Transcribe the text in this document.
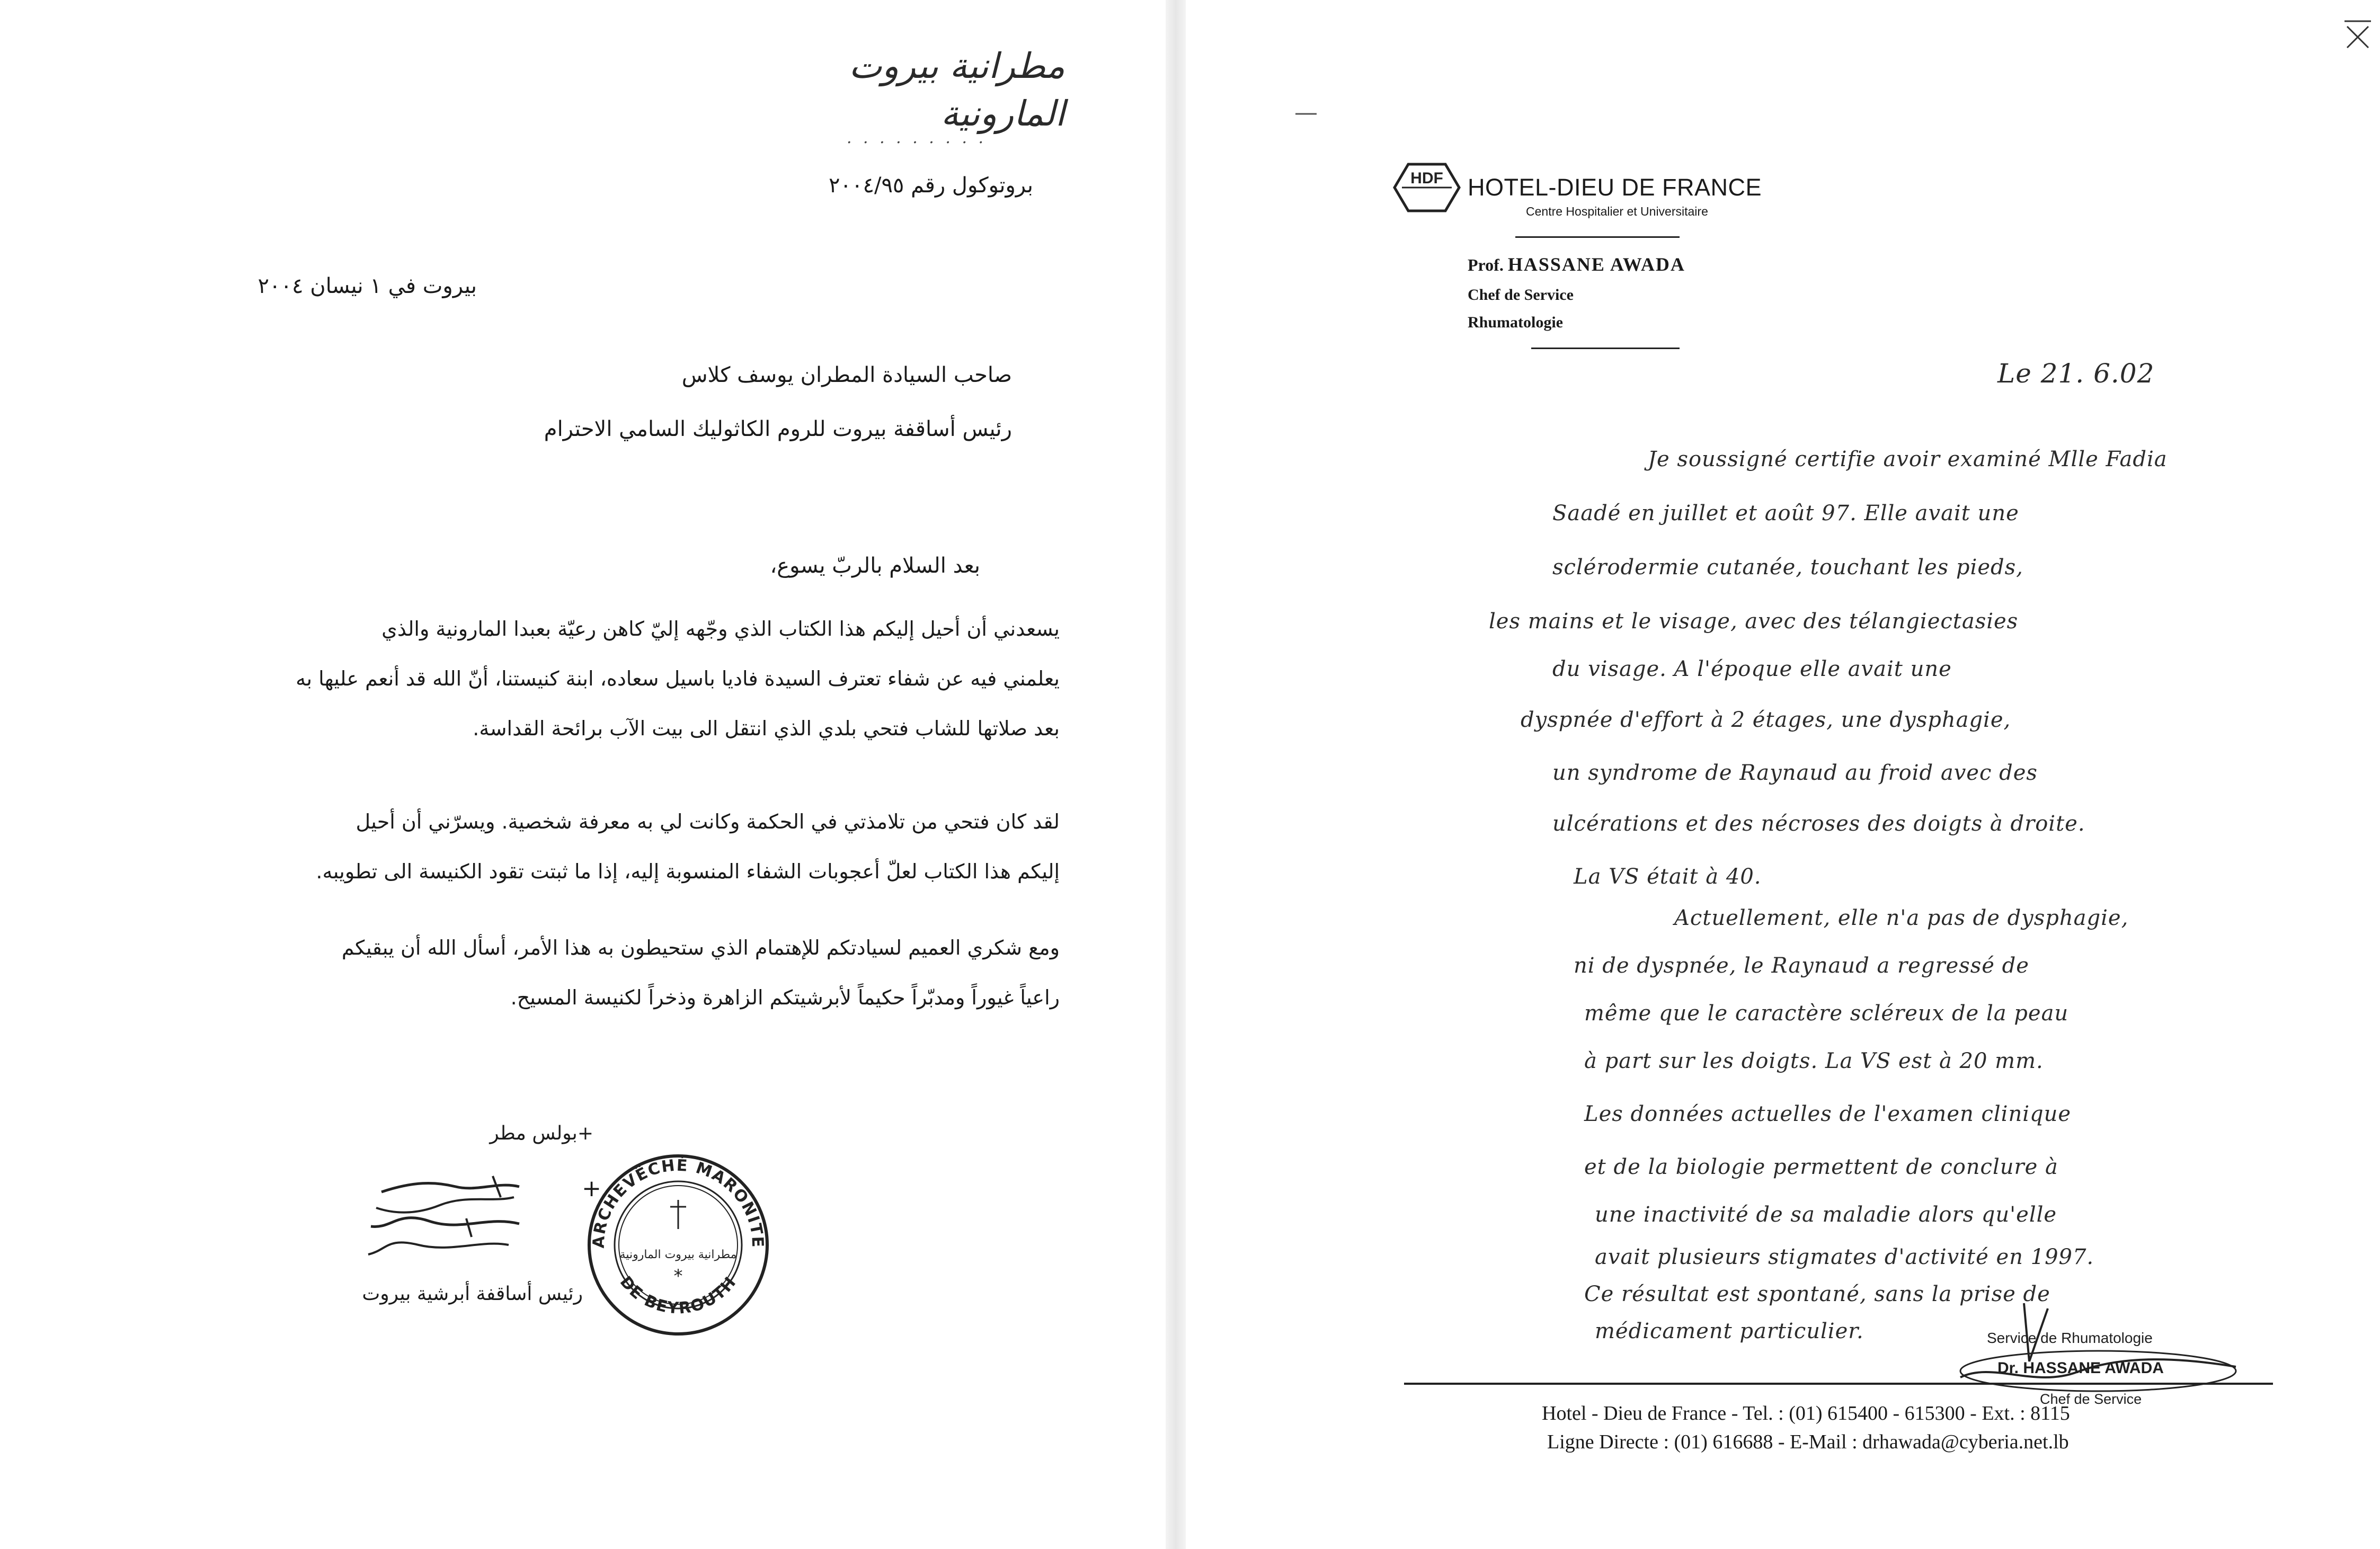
مطرانية بيروت المارونية
· · · · · · · · ·
بروتوكول رقم ٢٠٠٤/٩٥
بيروت في ١ نيسان ٢٠٠٤
صاحب السيادة المطران يوسف كلاس
رئيس أساقفة بيروت للروم الكاثوليك السامي الاحترام
بعد السلام بالربّ يسوع،

يسعدني أن أحيل إليكم هذا الكتاب الذي وجّهه إليّ كاهن رعيّة بعبدا المارونية والذي

يعلمني فيه عن شفاء تعترف السيدة فاديا باسيل سعاده، ابنة كنيستنا، أنّ الله قد أنعم عليها به

بعد صلاتها للشاب فتحي بلدي الذي انتقل الى بيت الآب برائحة القداسة.

لقد كان فتحي من تلامذتي في الحكمة وكانت لي به معرفة شخصية. ويسرّني أن أحيل

إليكم هذا الكتاب لعلّ أعجوبات الشفاء المنسوبة إليه، إذا ما ثبتت تقود الكنيسة الى تطويبه.

ومع شكري العميم لسيادتكم للإهتمام الذي ستحيطون به هذا الأمر، أسأل الله أن يبقيكم

راعياً غيوراً ومدبّراً حكيماً لأبرشيتكم الزاهرة وذخراً لكنيسة المسيح.

+بولس مطر
+
ARCHEVÊCHÉ MARONITE
DE BEYROUTH
مطرانية بيروت المارونية
*
رئيس أساقفة أبرشية بيروت
HDF HOTEL-DIEU DE FRANCE
Centre Hospitalier et Universitaire
Prof. HASSANE AWADA
Chef de Service
Rhumatologie
Le 21. 6.02
Je soussigné certifie avoir examiné Mlle Fadia
Saadé en juillet et août 97. Elle avait une
sclérodermie cutanée, touchant les pieds,
les mains et le visage, avec des télangiectasies
du visage. A l'époque elle avait une
dyspnée d'effort à 2 étages, une dysphagie,
un syndrome de Raynaud au froid avec des
ulcérations et des nécroses des doigts à droite.
La VS était à 40.
Actuellement, elle n'a pas de dysphagie,
ni de dyspnée, le Raynaud a regressé de
même que le caractère scléreux de la peau
à part sur les doigts. La VS est à 20 mm.
Les données actuelles de l'examen clinique
et de la biologie permettent de conclure à
une inactivité de sa maladie alors qu'elle
avait plusieurs stigmates d'activité en 1997.
Ce résultat est spontané, sans la prise de
médicament particulier.	Service de Rhumatologie
Dr. HASSANE AWADA
Chef de Service
Hotel - Dieu de France - Tel. : (01) 615400 - 615300 - Ext. : 8115
Ligne Directe : (01) 616688 - E-Mail : drhawada@cyberia.net.lb
